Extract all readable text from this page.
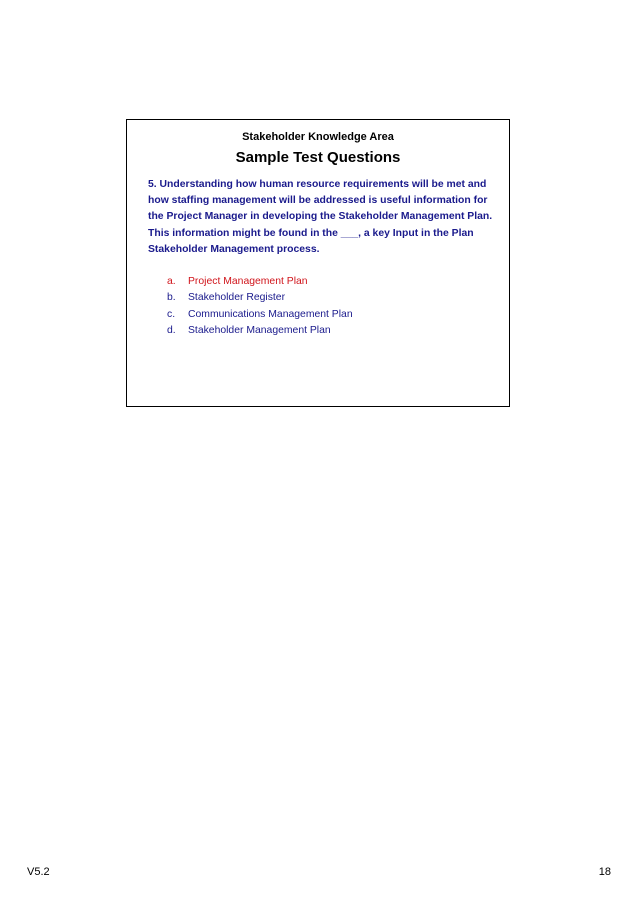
Stakeholder Knowledge Area
Sample Test Questions

5. Understanding how human resource requirements will be met and how staffing management will be addressed is useful information for the Project Manager in developing the Stakeholder Management Plan. This information might be found in the ___, a key Input in the Plan Stakeholder Management process.

a.	Project Management Plan
b.	Stakeholder Register
c.	Communications Management Plan
d.	Stakeholder Management Plan
V5.2	18
